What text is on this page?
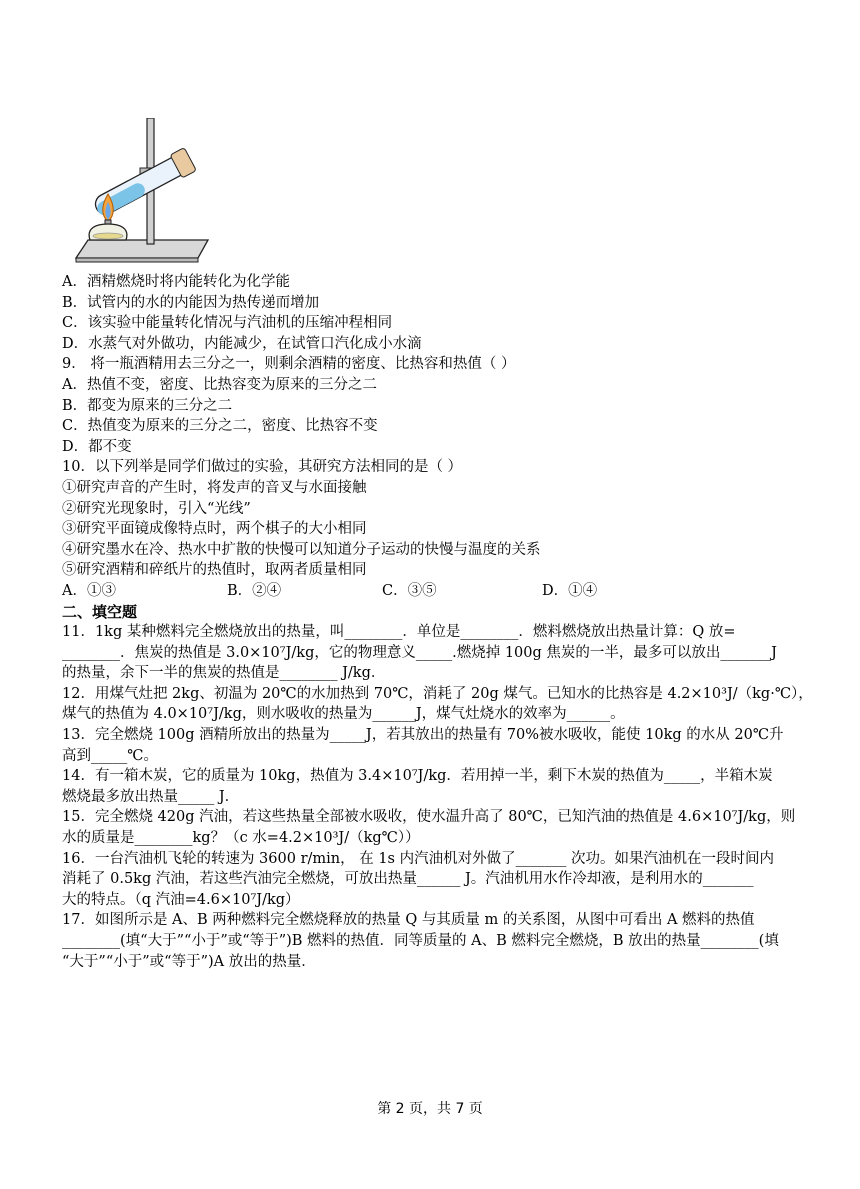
A．酒精燃烧时将内能转化为化学能
B．试管内的水的内能因为热传递而增加
C．该实验中能量转化情况与汽油机的压缩冲程相同
D．水蒸气对外做功，内能减少，在试管口汽化成小水滴
9． 将一瓶酒精用去三分之一，则剩余酒精的密度、比热容和热值（ ）
A．热值不变，密度、比热容变为原来的三分之二
B．都变为原来的三分之二
C．热值变为原来的三分之二，密度、比热容不变
D．都不变
10．以下列举是同学们做过的实验，其研究方法相同的是（ ）
①研究声音的产生时，将发声的音叉与水面接触
②研究光现象时，引入“光线”
③研究平面镜成像特点时，两个棋子的大小相同
④研究墨水在冷、热水中扩散的快慢可以知道分子运动的快慢与温度的关系
⑤研究酒精和碎纸片的热值时，取两者质量相同
A．①③	B．②④	C．③⑤	D．①④
二、填空题
11．1kg 某种燃料完全燃烧放出的热量，叫________．单位是________．燃料燃烧放出热量计算：Q 放=
________．焦炭的热值是 3.0×10⁷J/kg，它的物理意义_____.燃烧掉 100g 焦炭的一半，最多可以放出_______J
的热量，余下一半的焦炭的热值是________ J/kg．
12．用煤气灶把 2kg、初温为 20℃的水加热到 70℃，消耗了 20g 煤气。已知水的比热容是 4.2×10³J/（kg·℃），
煤气的热值为 4.0×10⁷J/kg，则水吸收的热量为______J，煤气灶烧水的效率为______。
13．完全燃烧 100g 酒精所放出的热量为_____J，若其放出的热量有 70%被水吸收，能使 10kg 的水从 20℃升
高到_____℃。
14．有一箱木炭，它的质量为 10kg，热值为 3.4×10⁷J/kg．若用掉一半，剩下木炭的热值为_____，半箱木炭
燃烧最多放出热量_____ J．
15．完全燃烧 420g 汽油，若这些热量全部被水吸收，使水温升高了 80℃，已知汽油的热值是 4.6×10⁷J/kg，则
水的质量是________kg？（c 水=4.2×10³J/（kg℃））
16．一台汽油机飞轮的转速为 3600 r/min， 在 1s 内汽油机对外做了_______ 次功。如果汽油机在一段时间内
消耗了 0.5kg 汽油，若这些汽油完全燃烧，可放出热量______ J。汽油机用水作冷却液，是利用水的_______
大的特点。（q 汽油=4.6×10⁷J/kg）
17．如图所示是 A、B 两种燃料完全燃烧释放的热量 Q 与其质量 m 的关系图，从图中可看出 A 燃料的热值
________(填“大于”“小于”或“等于”)B 燃料的热值．同等质量的 A、B 燃料完全燃烧，B 放出的热量________(填
“大于”“小于”或“等于”)A 放出的热量．
第 2 页，共 7 页
